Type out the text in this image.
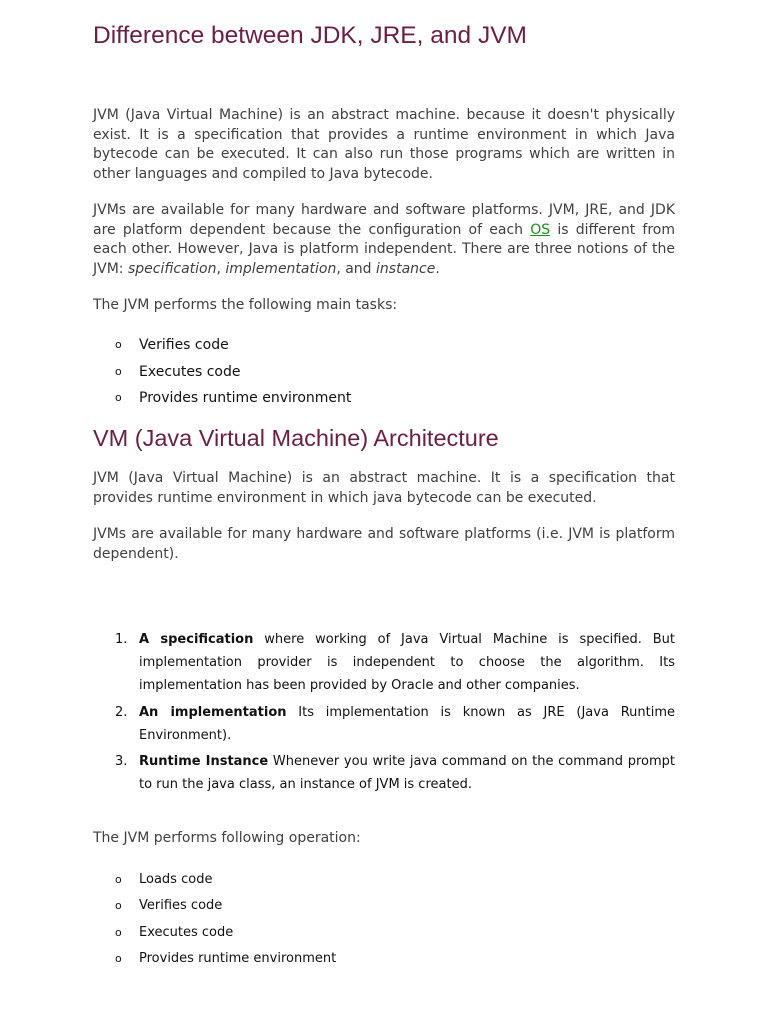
Difference between JDK, JRE, and JVM

JVM (Java Virtual Machine) is an abstract machine. because it doesn't physically exist. It is a specification that provides a runtime environment in which Java bytecode can be executed. It can also run those programs which are written in other languages and compiled to Java bytecode.

JVMs are available for many hardware and software platforms. JVM, JRE, and JDK are platform dependent because the configuration of each OS is different from each other. However, Java is platform independent. There are three notions of the JVM: specification, implementation, and instance.

The JVM performs the following main tasks:

o Verifies code
o Executes code
o Provides runtime environment
VM (Java Virtual Machine) Architecture

JVM (Java Virtual Machine) is an abstract machine. It is a specification that provides runtime environment in which java bytecode can be executed.

JVMs are available for many hardware and software platforms (i.e. JVM is platform dependent).

1. A specification where working of Java Virtual Machine is specified. But implementation provider is independent to choose the algorithm. Its implementation has been provided by Oracle and other companies.
2. An implementation Its implementation is known as JRE (Java Runtime Environment).
3. Runtime Instance Whenever you write java command on the command prompt to run the java class, an instance of JVM is created.

The JVM performs following operation:

o Loads code
o Verifies code
o Executes code
o Provides runtime environment
